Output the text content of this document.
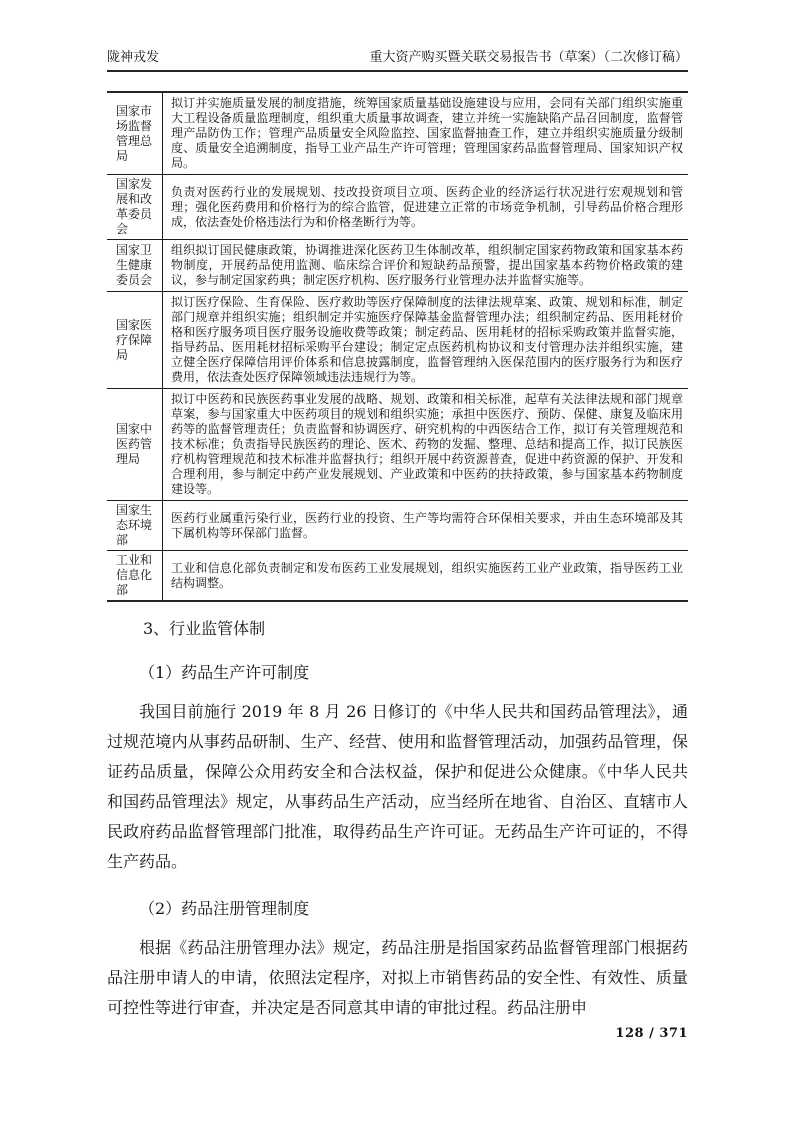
陇神戎发	重大资产购买暨关联交易报告书（草案）（二次修订稿）
国家市场监督管理总局	拟订并实施质量发展的制度措施，统筹国家质量基础设施建设与应用，会同有关部门组织实施重大工程设备质量监理制度，组织重大质量事故调查，建立并统一实施缺陷产品召回制度，监督管理产品防伪工作；管理产品质量安全风险监控、国家监督抽查工作，建立并组织实施质量分级制度、质量安全追溯制度，指导工业产品生产许可管理；管理国家药品监督管理局、国家知识产权局。
国家发展和改革委员会	负责对医药行业的发展规划、技改投资项目立项、医药企业的经济运行状况进行宏观规划和管理；强化医药费用和价格行为的综合监管，促进建立正常的市场竞争机制，引导药品价格合理形成，依法查处价格违法行为和价格垄断行为等。
国家卫生健康委员会	组织拟订国民健康政策，协调推进深化医药卫生体制改革，组织制定国家药物政策和国家基本药物制度，开展药品使用监测、临床综合评价和短缺药品预警，提出国家基本药物价格政策的建议，参与制定国家药典；制定医疗机构、医疗服务行业管理办法并监督实施等。
国家医疗保障局	拟订医疗保险、生育保险、医疗救助等医疗保障制度的法律法规草案、政策、规划和标准，制定部门规章并组织实施；组织制定并实施医疗保障基金监督管理办法；组织制定药品、医用耗材价格和医疗服务项目医疗服务设施收费等政策；制定药品、医用耗材的招标采购政策并监督实施，指导药品、医用耗材招标采购平台建设；制定定点医药机构协议和支付管理办法并组织实施，建立健全医疗保障信用评价体系和信息披露制度，监督管理纳入医保范围内的医疗服务行为和医疗费用，依法查处医疗保障领域违法违规行为等。
国家中医药管理局	拟订中医药和民族医药事业发展的战略、规划、政策和相关标准，起草有关法律法规和部门规章草案，参与国家重大中医药项目的规划和组织实施；承担中医医疗、预防、保健、康复及临床用药等的监督管理责任；负责监督和协调医疗、研究机构的中西医结合工作，拟订有关管理规范和技术标准；负责指导民族医药的理论、医术、药物的发掘、整理、总结和提高工作，拟订民族医疗机构管理规范和技术标准并监督执行；组织开展中药资源普查，促进中药资源的保护、开发和合理利用，参与制定中药产业发展规划、产业政策和中医药的扶持政策，参与国家基本药物制度建设等。
国家生态环境部	医药行业属重污染行业，医药行业的投资、生产等均需符合环保相关要求，并由生态环境部及其下属机构等环保部门监督。
工业和信息化部	工业和信息化部负责制定和发布医药工业发展规划，组织实施医药工业产业政策，指导医药工业结构调整。
3、行业监管体制
（1）药品生产许可制度

我国目前施行 2019 年 8 月 26 日修订的《中华人民共和国药品管理法》，通过规范境内从事药品研制、生产、经营、使用和监督管理活动，加强药品管理，保证药品质量，保障公众用药安全和合法权益，保护和促进公众健康。《中华人民共和国药品管理法》规定，从事药品生产活动，应当经所在地省、自治区、直辖市人民政府药品监督管理部门批准，取得药品生产许可证。无药品生产许可证的，不得生产药品。

（2）药品注册管理制度

根据《药品注册管理办法》规定，药品注册是指国家药品监督管理部门根据药品注册申请人的申请，依照法定程序，对拟上市销售药品的安全性、有效性、质量可控性等进行审查，并决定是否同意其申请的审批过程。药品注册申

128 / 371
